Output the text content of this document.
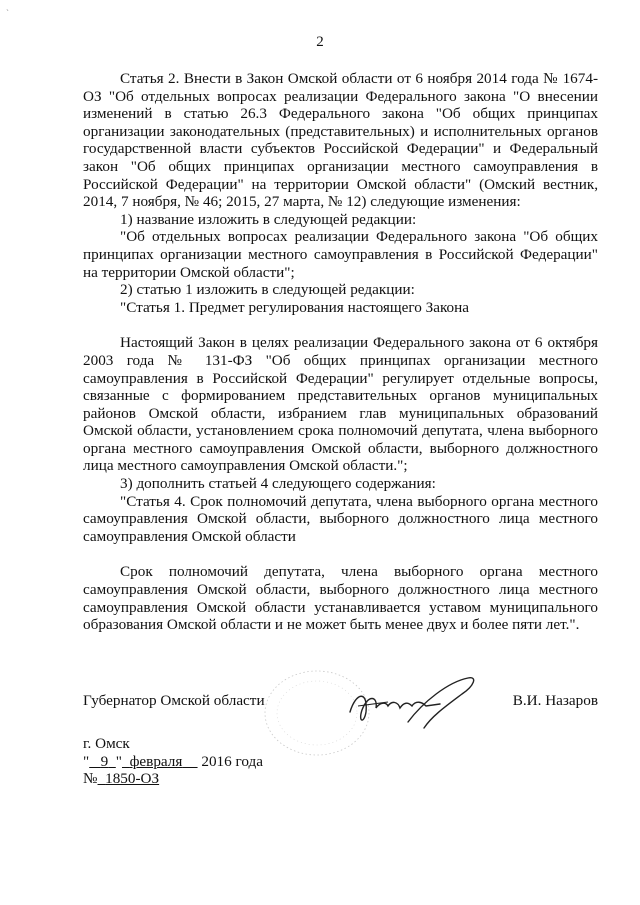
`
2

Статья 2. Внести в Закон Омской области от 6 ноября 2014 года № 1674-ОЗ "Об отдельных вопросах реализации Федерального закона "О внесении изменений в статью 26.3 Федерального закона "Об общих принципах организации законодательных (представительных) и исполнительных органов государственной власти субъектов Российской Федерации" и Федеральный закон "Об общих принципах организации местного самоуправления в Российской Федерации" на территории Омской области" (Омский вестник, 2014, 7 ноября, № 46; 2015, 27 марта, № 12) следующие изменения:

1) название изложить в следующей редакции:

"Об отдельных вопросах реализации Федерального закона "Об общих принципах организации местного самоуправления в Российской Федерации" на территории Омской области";

2) статью 1 изложить в следующей редакции:

"Статья 1. Предмет регулирования настоящего Закона

Настоящий Закон в целях реализации Федерального закона от 6 октября 2003 года № 131-ФЗ "Об общих принципах организации местного самоуправления в Российской Федерации" регулирует отдельные вопросы, связанные с формированием представительных органов муниципальных районов Омской области, избранием глав муниципальных образований Омской области, установлением срока полномочий депутата, члена выборного органа местного самоуправления Омской области, выборного должностного лица местного самоуправления Омской области.";

3) дополнить статьей 4 следующего содержания:

"Статья 4. Срок полномочий депутата, члена выборного органа местного самоуправления Омской области, выборного должностного лица местного самоуправления Омской области

Срок полномочий депутата, члена выборного органа местного самоуправления Омской области, выборного должностного лица местного самоуправления Омской области устанавливается уставом муниципального образования Омской области и не может быть менее двух и более пяти лет.".

Губернатор Омской области	В.И. Назаров
г. Омск
" 9 " февраля 2016 года
№ 1850-ОЗ
